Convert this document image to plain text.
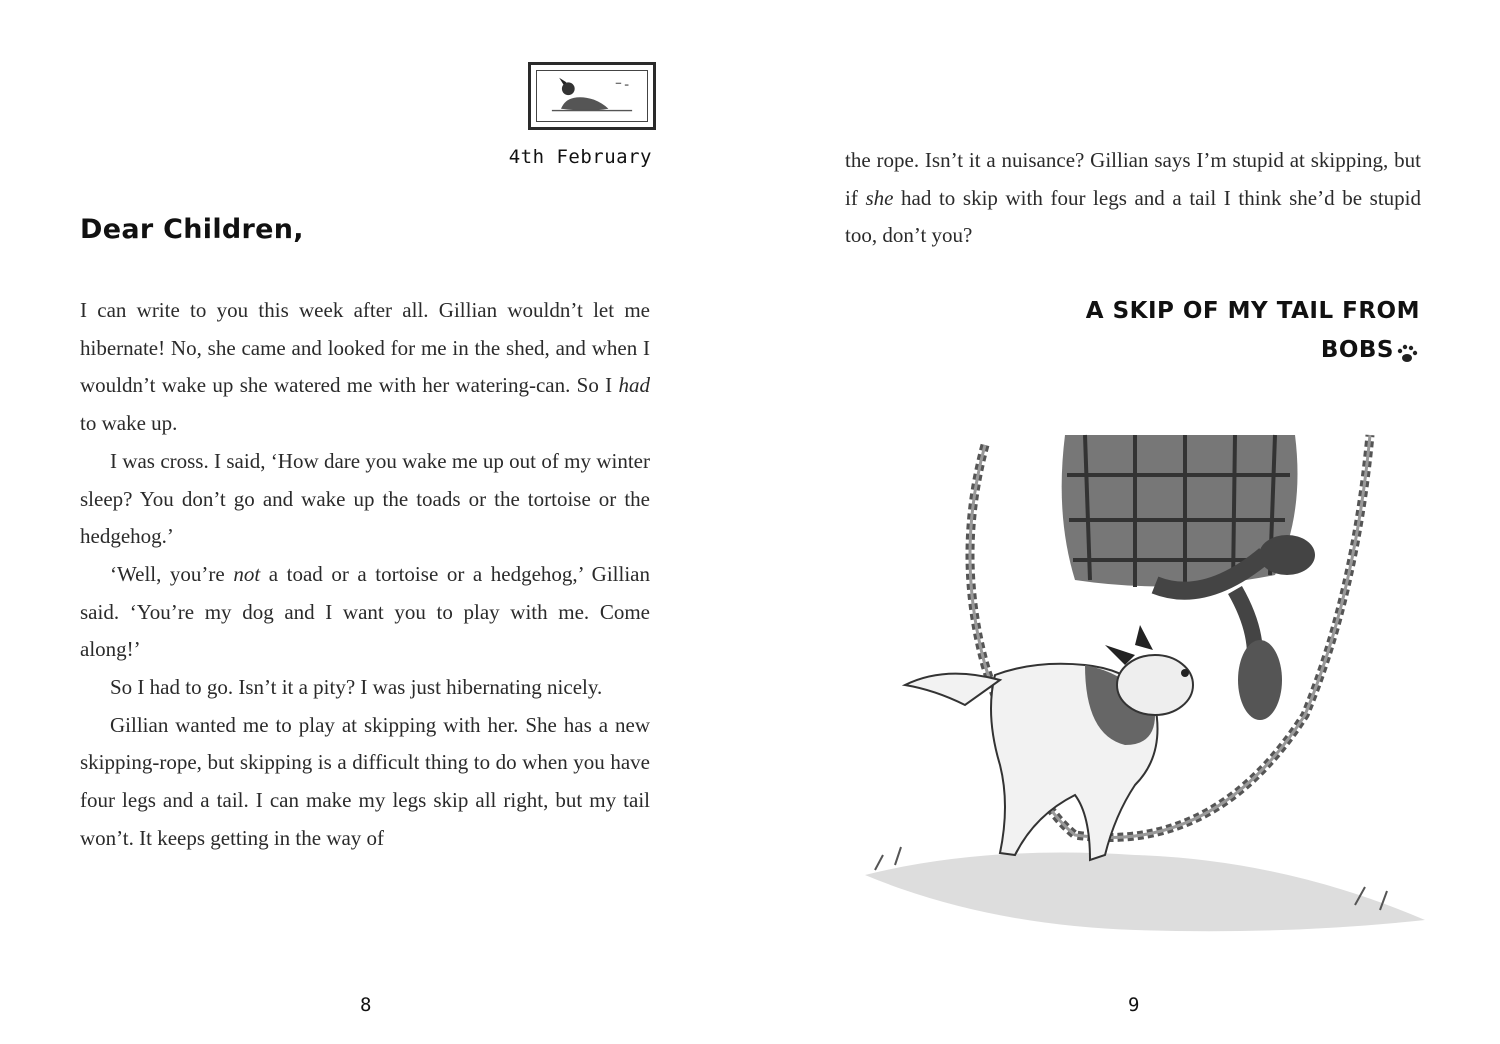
4th February
Dear Children,

I can write to you this week after all. Gillian wouldn’t let me hibernate! No, she came and looked for me in the shed, and when I wouldn’t wake up she watered me with her watering-can. So I had to wake up.

I was cross. I said, ‘How dare you wake me up out of my winter sleep? You don’t go and wake up the toads or the tortoise or the hedgehog.’

‘Well, you’re not a toad or a tortoise or a hedgehog,’ Gillian said. ‘You’re my dog and I want you to play with me. Come along!’

So I had to go. Isn’t it a pity? I was just hibernating nicely.

Gillian wanted me to play at skipping with her. She has a new skipping-rope, but skipping is a difficult thing to do when you have four legs and a tail. I can make my legs skip all right, but my tail won’t. It keeps getting in the way of

8

the rope. Isn’t it a nuisance? Gillian says I’m stupid at skipping, but if she had to skip with four legs and a tail I think she’d be stupid too, don’t you?

A SKIP OF MY TAIL FROM
BOBS
9
